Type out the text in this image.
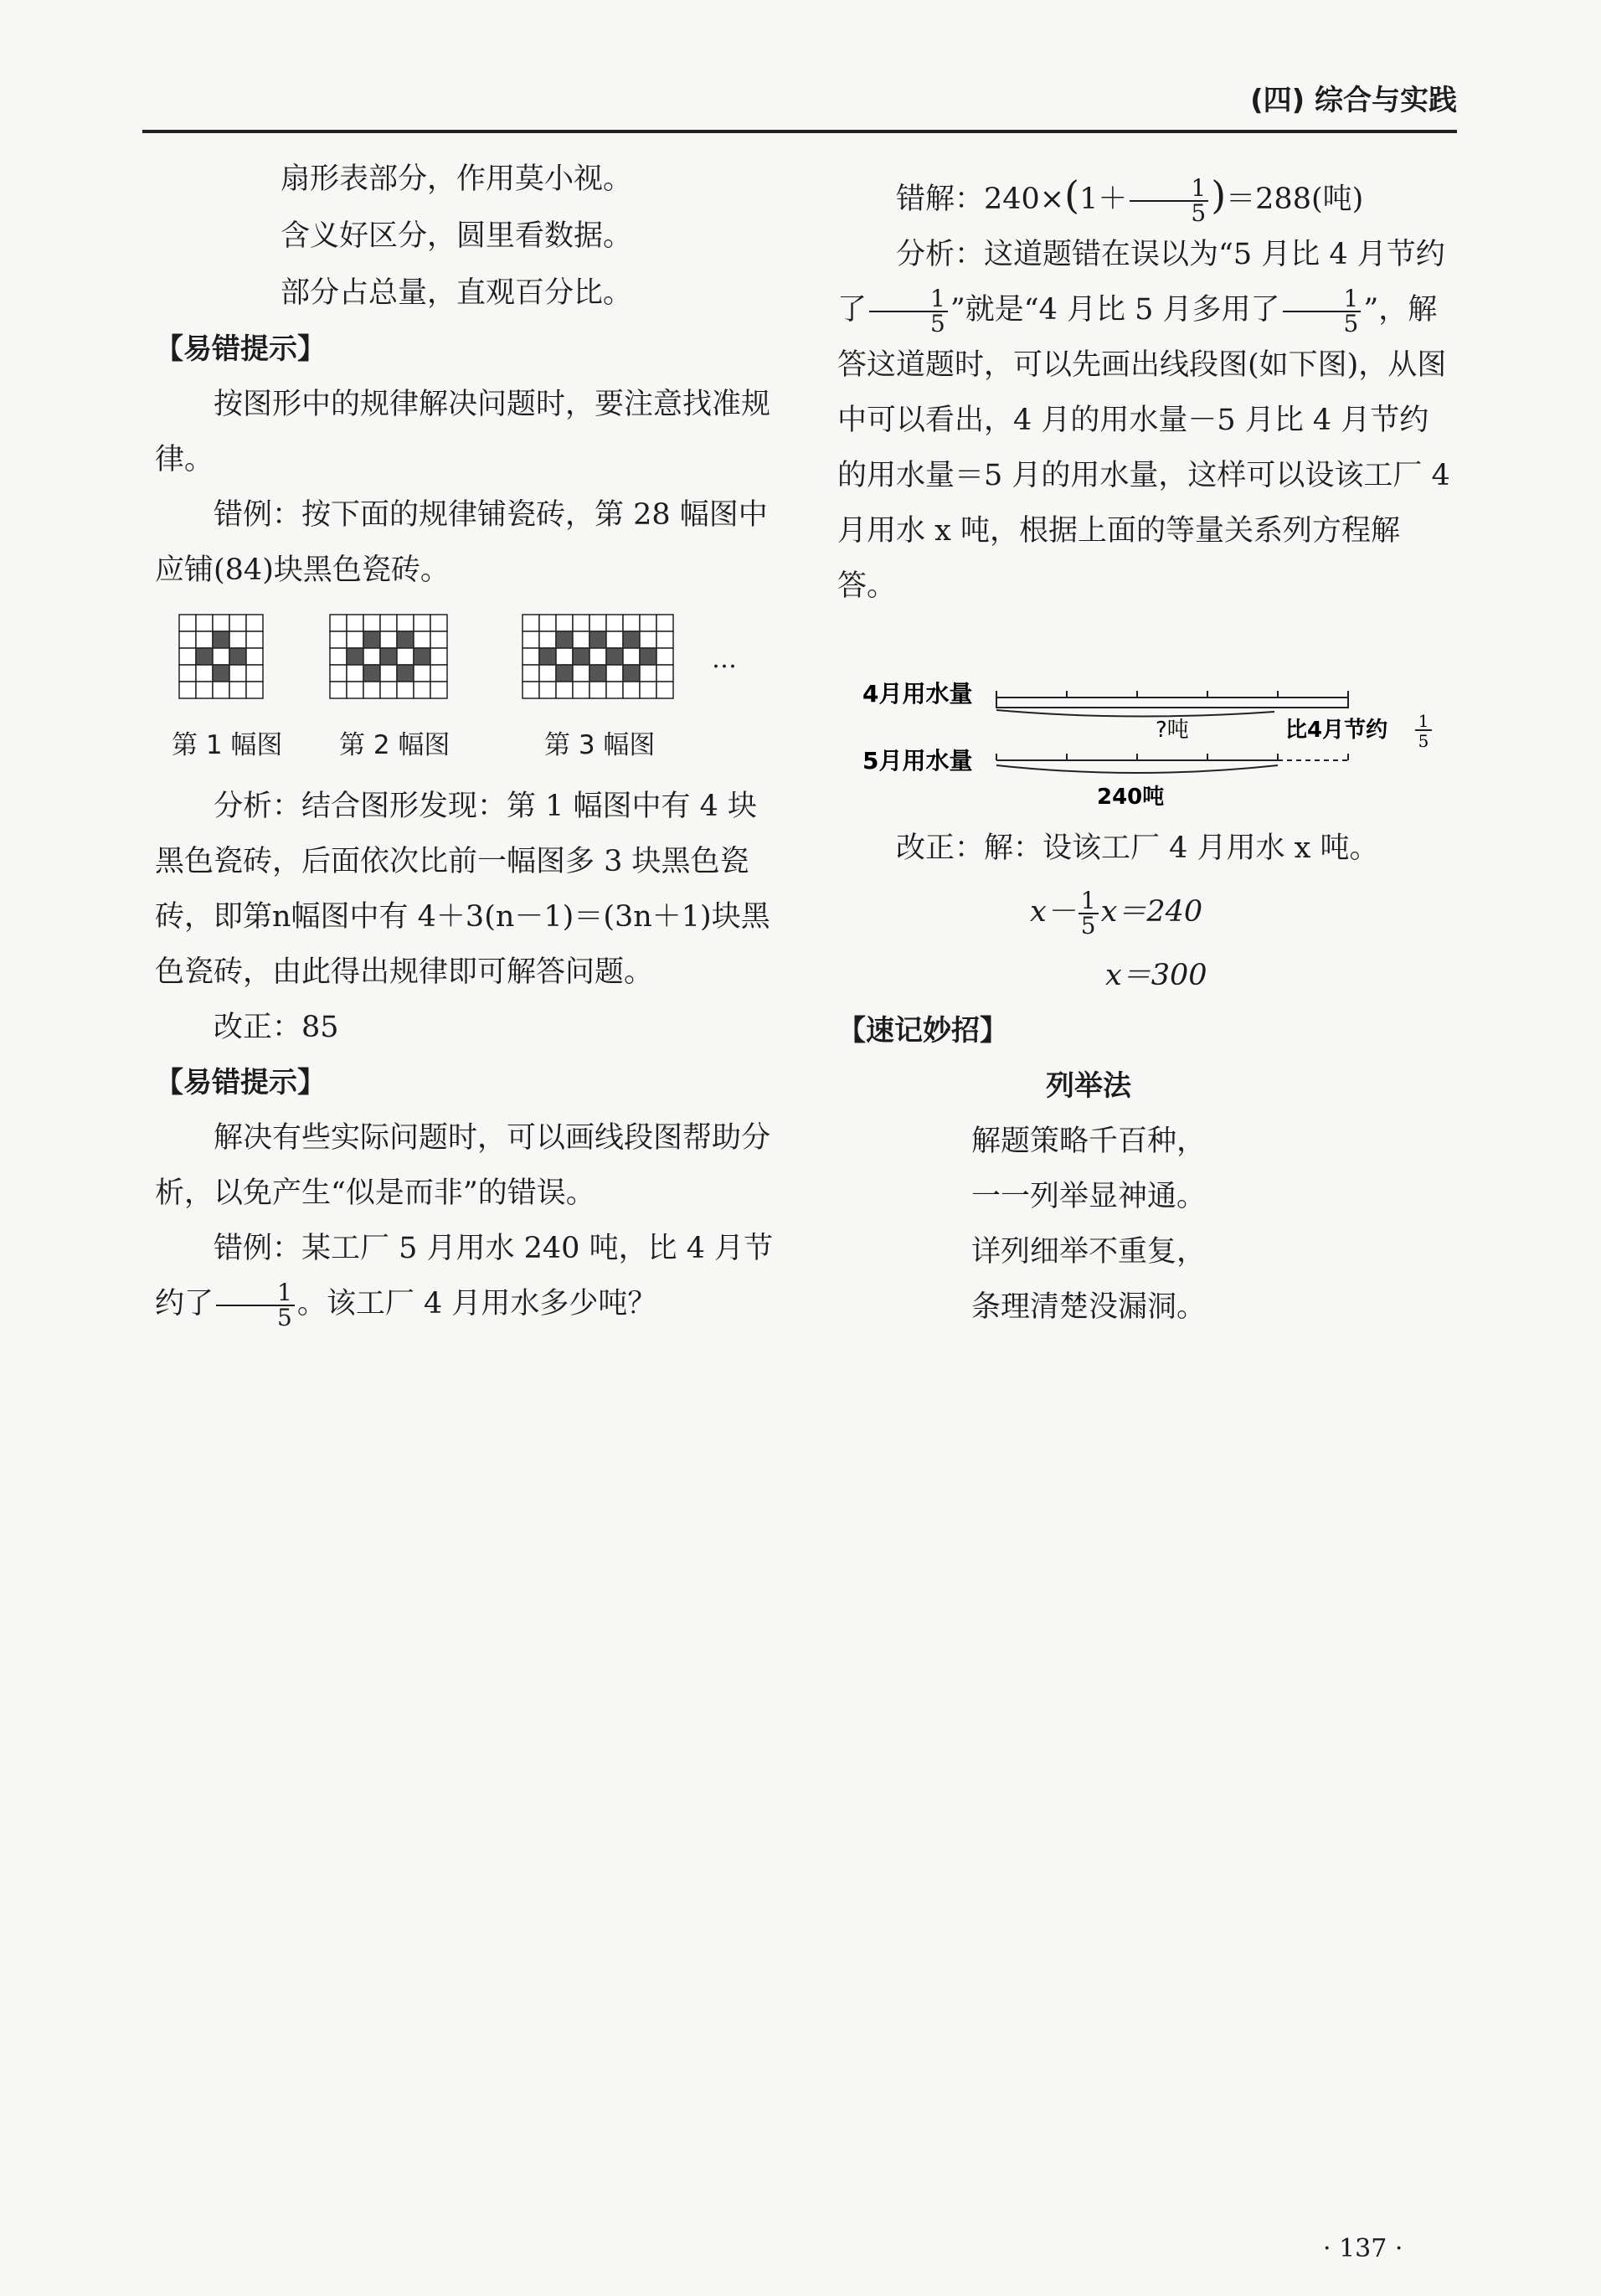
(四) 综合与实践

扇形表部分，作用莫小视。

含义好区分，圆里看数据。

部分占总量，直观百分比。

【易错提示】

按图形中的规律解决问题时，要注意找准规律。

错例：按下面的规律铺瓷砖，第 28 幅图中应铺(84)块黑色瓷砖。

…
第 1 幅图 第 2 幅图	第 3 幅图

分析：结合图形发现：第 1 幅图中有 4 块黑色瓷砖，后面依次比前一幅图多 3 块黑色瓷砖，即第n幅图中有 4＋3(n－1)＝(3n＋1)块黑色瓷砖，由此得出规律即可解答问题。

改正：85

【易错提示】

解决有些实际问题时，可以画线段图帮助分析，以免产生“似是而非”的错误。

错例：某工厂 5 月用水 240 吨，比 4 月节约了 $\frac{1}{5}$ 。该工厂 4 月用水多少吨？

错解：$240\times(1+ \frac{1}{5} )=288$(吨)

分析：这道题错在误以为“5 月比 4 月节约了 $\frac{1}{5}$ ”就是“4 月比 5 月多用了 $\frac{1}{5}$ ”，解答这道题时，可以先画出线段图(如下图)，从图中可以看出，4 月的用水量－5 月比 4 月节约的用水量＝5 月的用水量，这样可以设该工厂 4 月用水 x 吨，根据上面的等量关系列方程解答。

4月用水量
?吨	比4月节约 1
5
5月用水量
240吨

改正：解：设该工厂 4 月用水 x 吨。

$x- \frac{1}{5} x=240$

x＝300

【速记妙招】

列举法

解题策略千百种，

一一列举显神通。

详列细举不重复，

条理清楚没漏洞。

· 137 ·
